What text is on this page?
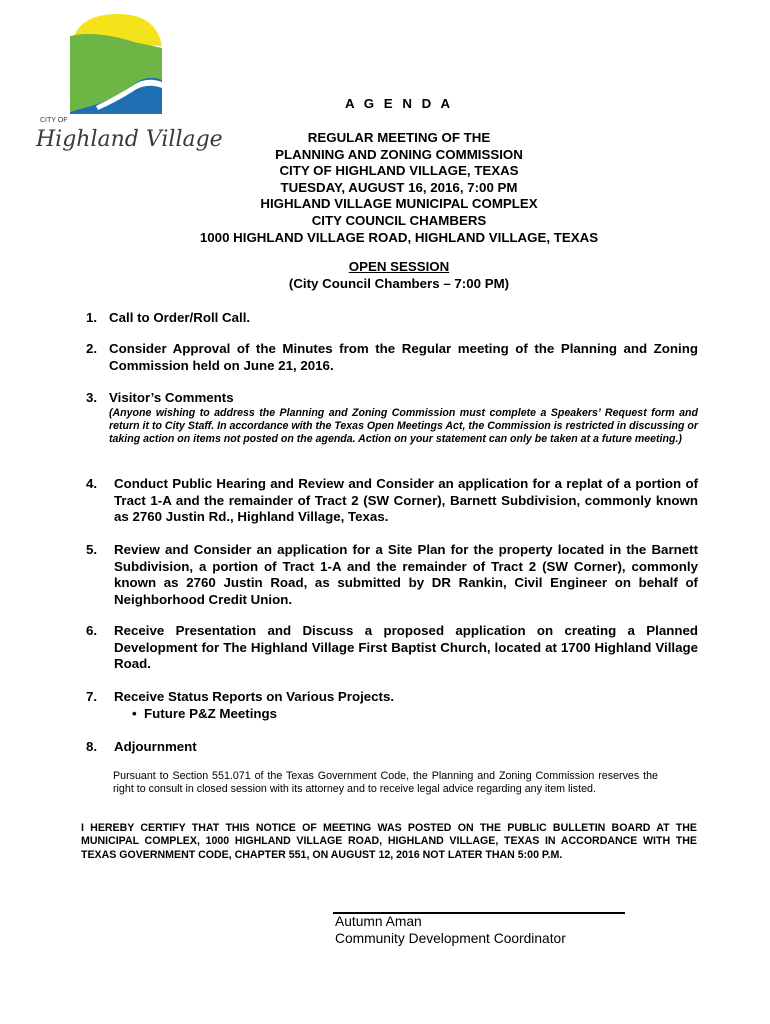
CITY OF
Highland Village
A G E N D A
REGULAR MEETING OF THE
PLANNING AND ZONING COMMISSION
CITY OF HIGHLAND VILLAGE, TEXAS
TUESDAY, AUGUST 16, 2016, 7:00 PM
HIGHLAND VILLAGE MUNICIPAL COMPLEX
CITY COUNCIL CHAMBERS
1000 HIGHLAND VILLAGE ROAD, HIGHLAND VILLAGE, TEXAS
OPEN SESSION
(City Council Chambers – 7:00 PM)
1. Call to Order/Roll Call.
2. Consider Approval of the Minutes from the Regular meeting of the Planning and Zoning Commission held on June 21, 2016.
3. Visitor’s Comments
(Anyone wishing to address the Planning and Zoning Commission must complete a Speakers’ Request form and return it to City Staff. In accordance with the Texas Open Meetings Act, the Commission is restricted in discussing or taking action on items not posted on the agenda. Action on your statement can only be taken at a future meeting.)
4. Conduct Public Hearing and Review and Consider an application for a replat of a portion of Tract 1-A and the remainder of Tract 2 (SW Corner), Barnett Subdivision, commonly known as 2760 Justin Rd., Highland Village, Texas.
5. Review and Consider an application for a Site Plan for the property located in the Barnett Subdivision, a portion of Tract 1-A and the remainder of Tract 2 (SW Corner), commonly known as 2760 Justin Road, as submitted by DR Rankin, Civil Engineer on behalf of Neighborhood Credit Union.
6. Receive Presentation and Discuss a proposed application on creating a Planned Development for The Highland Village First Baptist Church, located at 1700 Highland Village Road.
7. Receive Status Reports on Various Projects.
•  Future P&Z Meetings
8. Adjournment
Pursuant to Section 551.071 of the Texas Government Code, the Planning and Zoning Commission reserves the right to consult in closed session with its attorney and to receive legal advice regarding any item listed.
I HEREBY CERTIFY THAT THIS NOTICE OF MEETING WAS POSTED ON THE PUBLIC BULLETIN BOARD AT THE MUNICIPAL COMPLEX, 1000 HIGHLAND VILLAGE ROAD, HIGHLAND VILLAGE, TEXAS IN ACCORDANCE WITH THE TEXAS GOVERNMENT CODE, CHAPTER 551, ON AUGUST 12, 2016 NOT LATER THAN 5:00 P.M.
Autumn Aman
Community Development Coordinator
